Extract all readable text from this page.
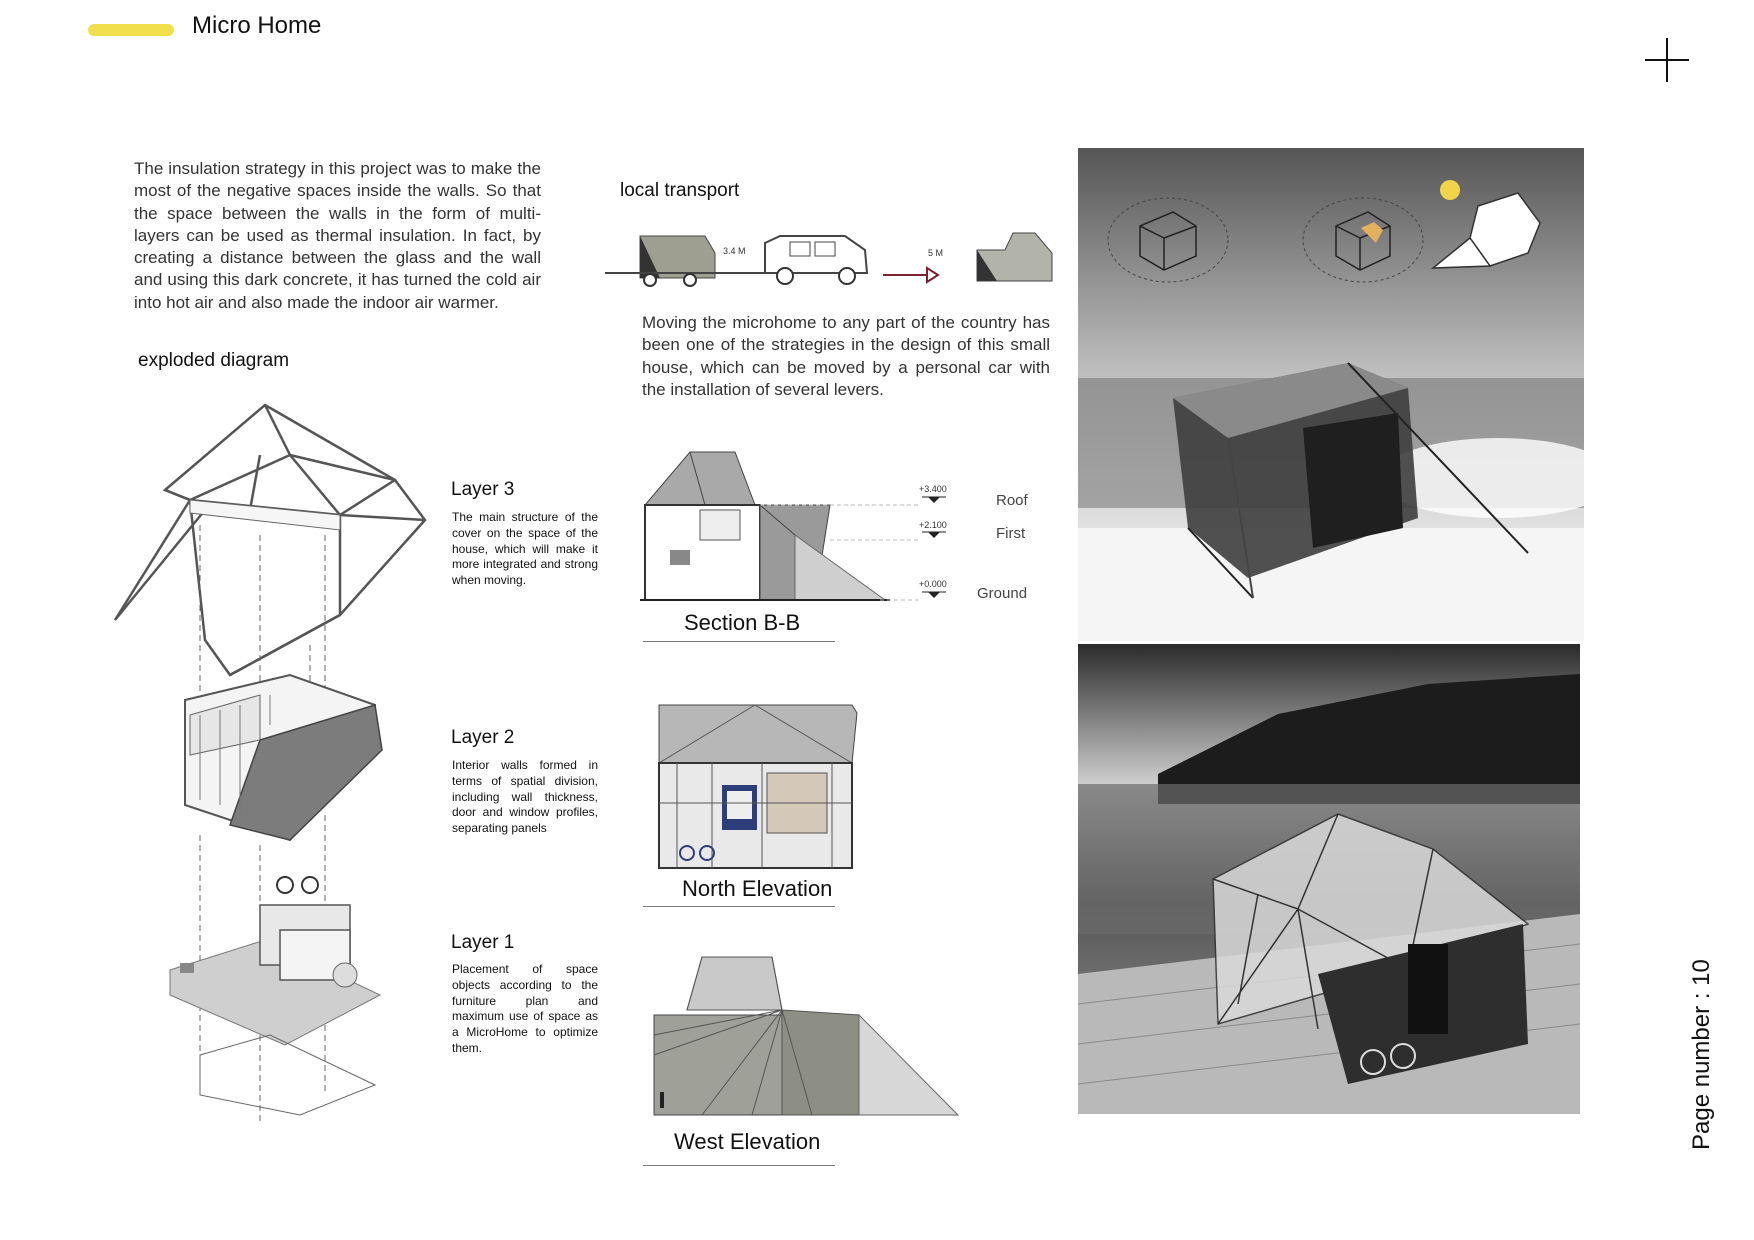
Micro Home
The insulation strategy in this project was to make the most of the negative spaces inside the walls. So that the space between the walls in the form of multi-layers can be used as thermal insulation. In fact, by creating a distance between the glass and the wall and using this dark concrete, it has turned the cold air into hot air and also made the indoor air warmer.
exploded diagram
Layer 3
The main structure of the cover on the space of the house, which will make it more integrated and strong when moving.
Layer 2
Interior walls formed in terms of spatial division, including wall thickness, door and window profiles, separating panels
Layer 1
Placement of space objects according to the furniture plan and maximum use of space as a MicroHome to optimize them.
local transport
3.4 M	5 M
Moving the microhome to any part of the country has been one of the strategies in the design of this small house, which can be moved by a personal car with the installation of several levers.
+3.400
+2.100
+0.000
Roof
First
Ground
Section B-B
North Elevation
West Elevation	Page number : 10
